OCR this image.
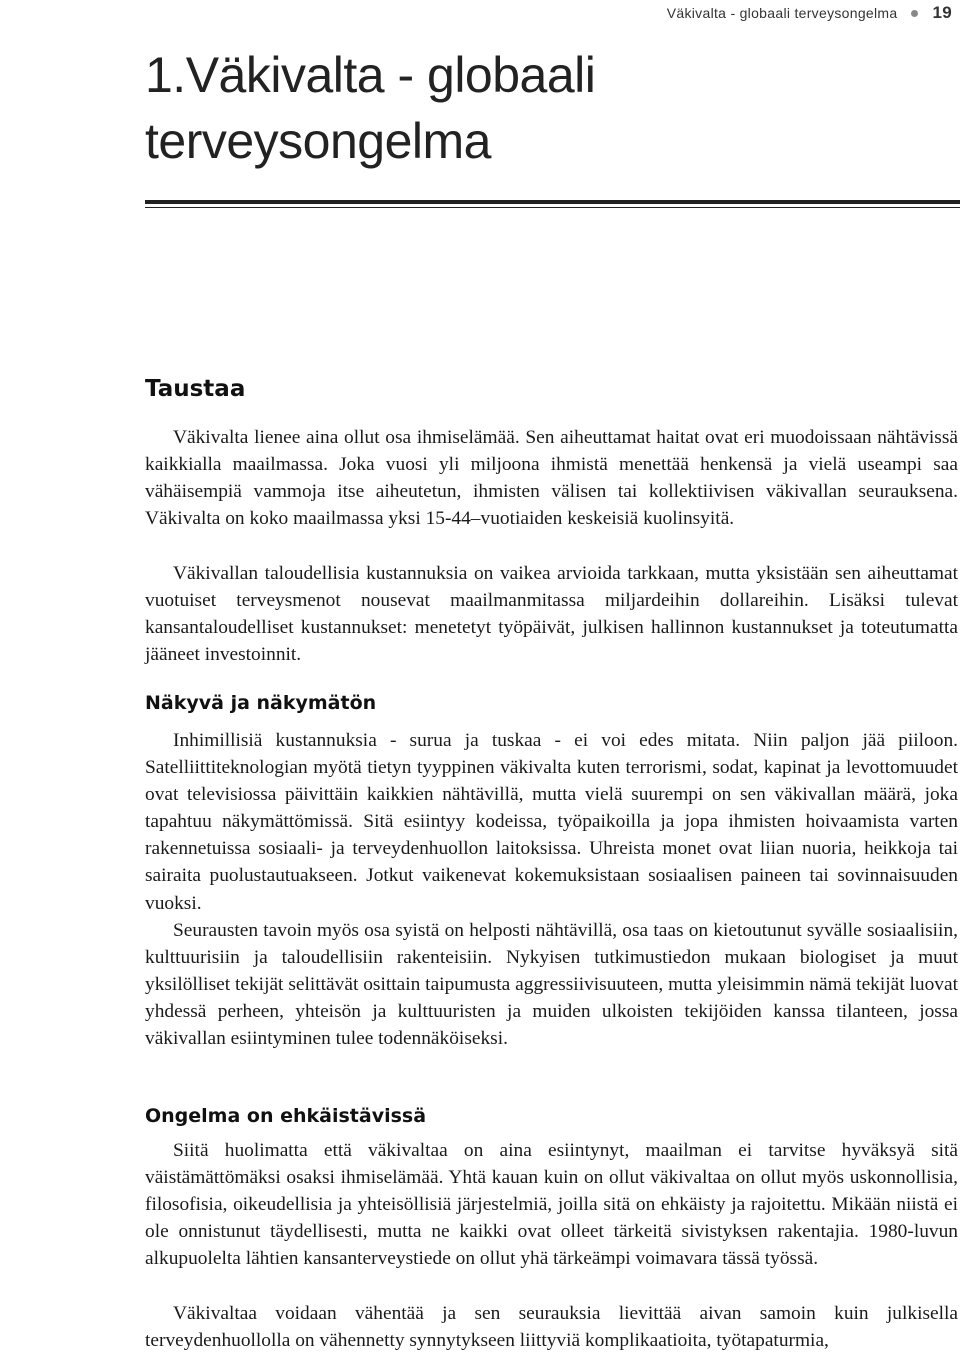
Väkivalta - globaali terveysongelma 19
1.Väkivalta - globaali terveysongelma
Taustaa

Väkivalta lienee aina ollut osa ihmiselämää. Sen aiheuttamat haitat ovat eri muodoissaan nähtävissä kaikkialla maailmassa. Joka vuosi yli miljoona ihmistä menettää henkensä ja vielä useampi saa vähäisempiä vammoja itse aiheutetun, ihmisten välisen tai kollektiivisen väkivallan seurauksena. Väkivalta on koko maailmassa yksi 15-44–vuotiaiden keskeisiä kuolinsyitä.

Väkivallan taloudellisia kustannuksia on vaikea arvioida tarkkaan, mutta yksistään sen aiheuttamat vuotuiset terveysmenot nousevat maailmanmitassa miljardeihin dollareihin. Lisäksi tulevat kansantaloudelliset kustannukset: menetetyt työpäivät, julkisen hallinnon kustannukset ja toteutumatta jääneet investoinnit.

Näkyvä ja näkymätön

Inhimillisiä kustannuksia - surua ja tuskaa - ei voi edes mitata. Niin paljon jää piiloon. Satelliittiteknologian myötä tietyn tyyppinen väkivalta kuten terrorismi, sodat, kapinat ja levottomuudet ovat televisiossa päivittäin kaikkien nähtävillä, mutta vielä suurempi on sen väkivallan määrä, joka tapahtuu näkymättömissä. Sitä esiintyy kodeissa, työpaikoilla ja jopa ihmisten hoivaamista varten rakennetuissa sosiaali- ja terveydenhuollon laitoksissa. Uhreista monet ovat liian nuoria, heikkoja tai sairaita puolustautuakseen. Jotkut vaikenevat kokemuksistaan sosiaalisen paineen tai sovinnaisuuden vuoksi.

Seurausten tavoin myös osa syistä on helposti nähtävillä, osa taas on kietoutunut syvälle sosiaalisiin, kulttuurisiin ja taloudellisiin rakenteisiin. Nykyisen tutkimustiedon mukaan biologiset ja muut yksilölliset tekijät selittävät osittain taipumusta aggressiivisuuteen, mutta yleisimmin nämä tekijät luovat yhdessä perheen, yhteisön ja kulttuuristen ja muiden ulkoisten tekijöiden kanssa tilanteen, jossa väkivallan esiintyminen tulee todennäköiseksi.

Ongelma on ehkäistävissä

Siitä huolimatta että väkivaltaa on aina esiintynyt, maailman ei tarvitse hyväksyä sitä väistämättömäksi osaksi ihmiselämää. Yhtä kauan kuin on ollut väkivaltaa on ollut myös uskonnollisia, filosofisia, oikeudellisia ja yhteisöllisiä järjestelmiä, joilla sitä on ehkäisty ja rajoitettu. Mikään niistä ei ole onnistunut täydellisesti, mutta ne kaikki ovat olleet tärkeitä sivistyksen rakentajia. 1980-luvun alkupuolelta lähtien kansanterveystiede on ollut yhä tärkeämpi voimavara tässä työssä.

Väkivaltaa voidaan vähentää ja sen seurauksia lievittää aivan samoin kuin julkisella terveydenhuollolla on vähennetty synnytykseen liittyviä komplikaatioita, työtapaturmia,
